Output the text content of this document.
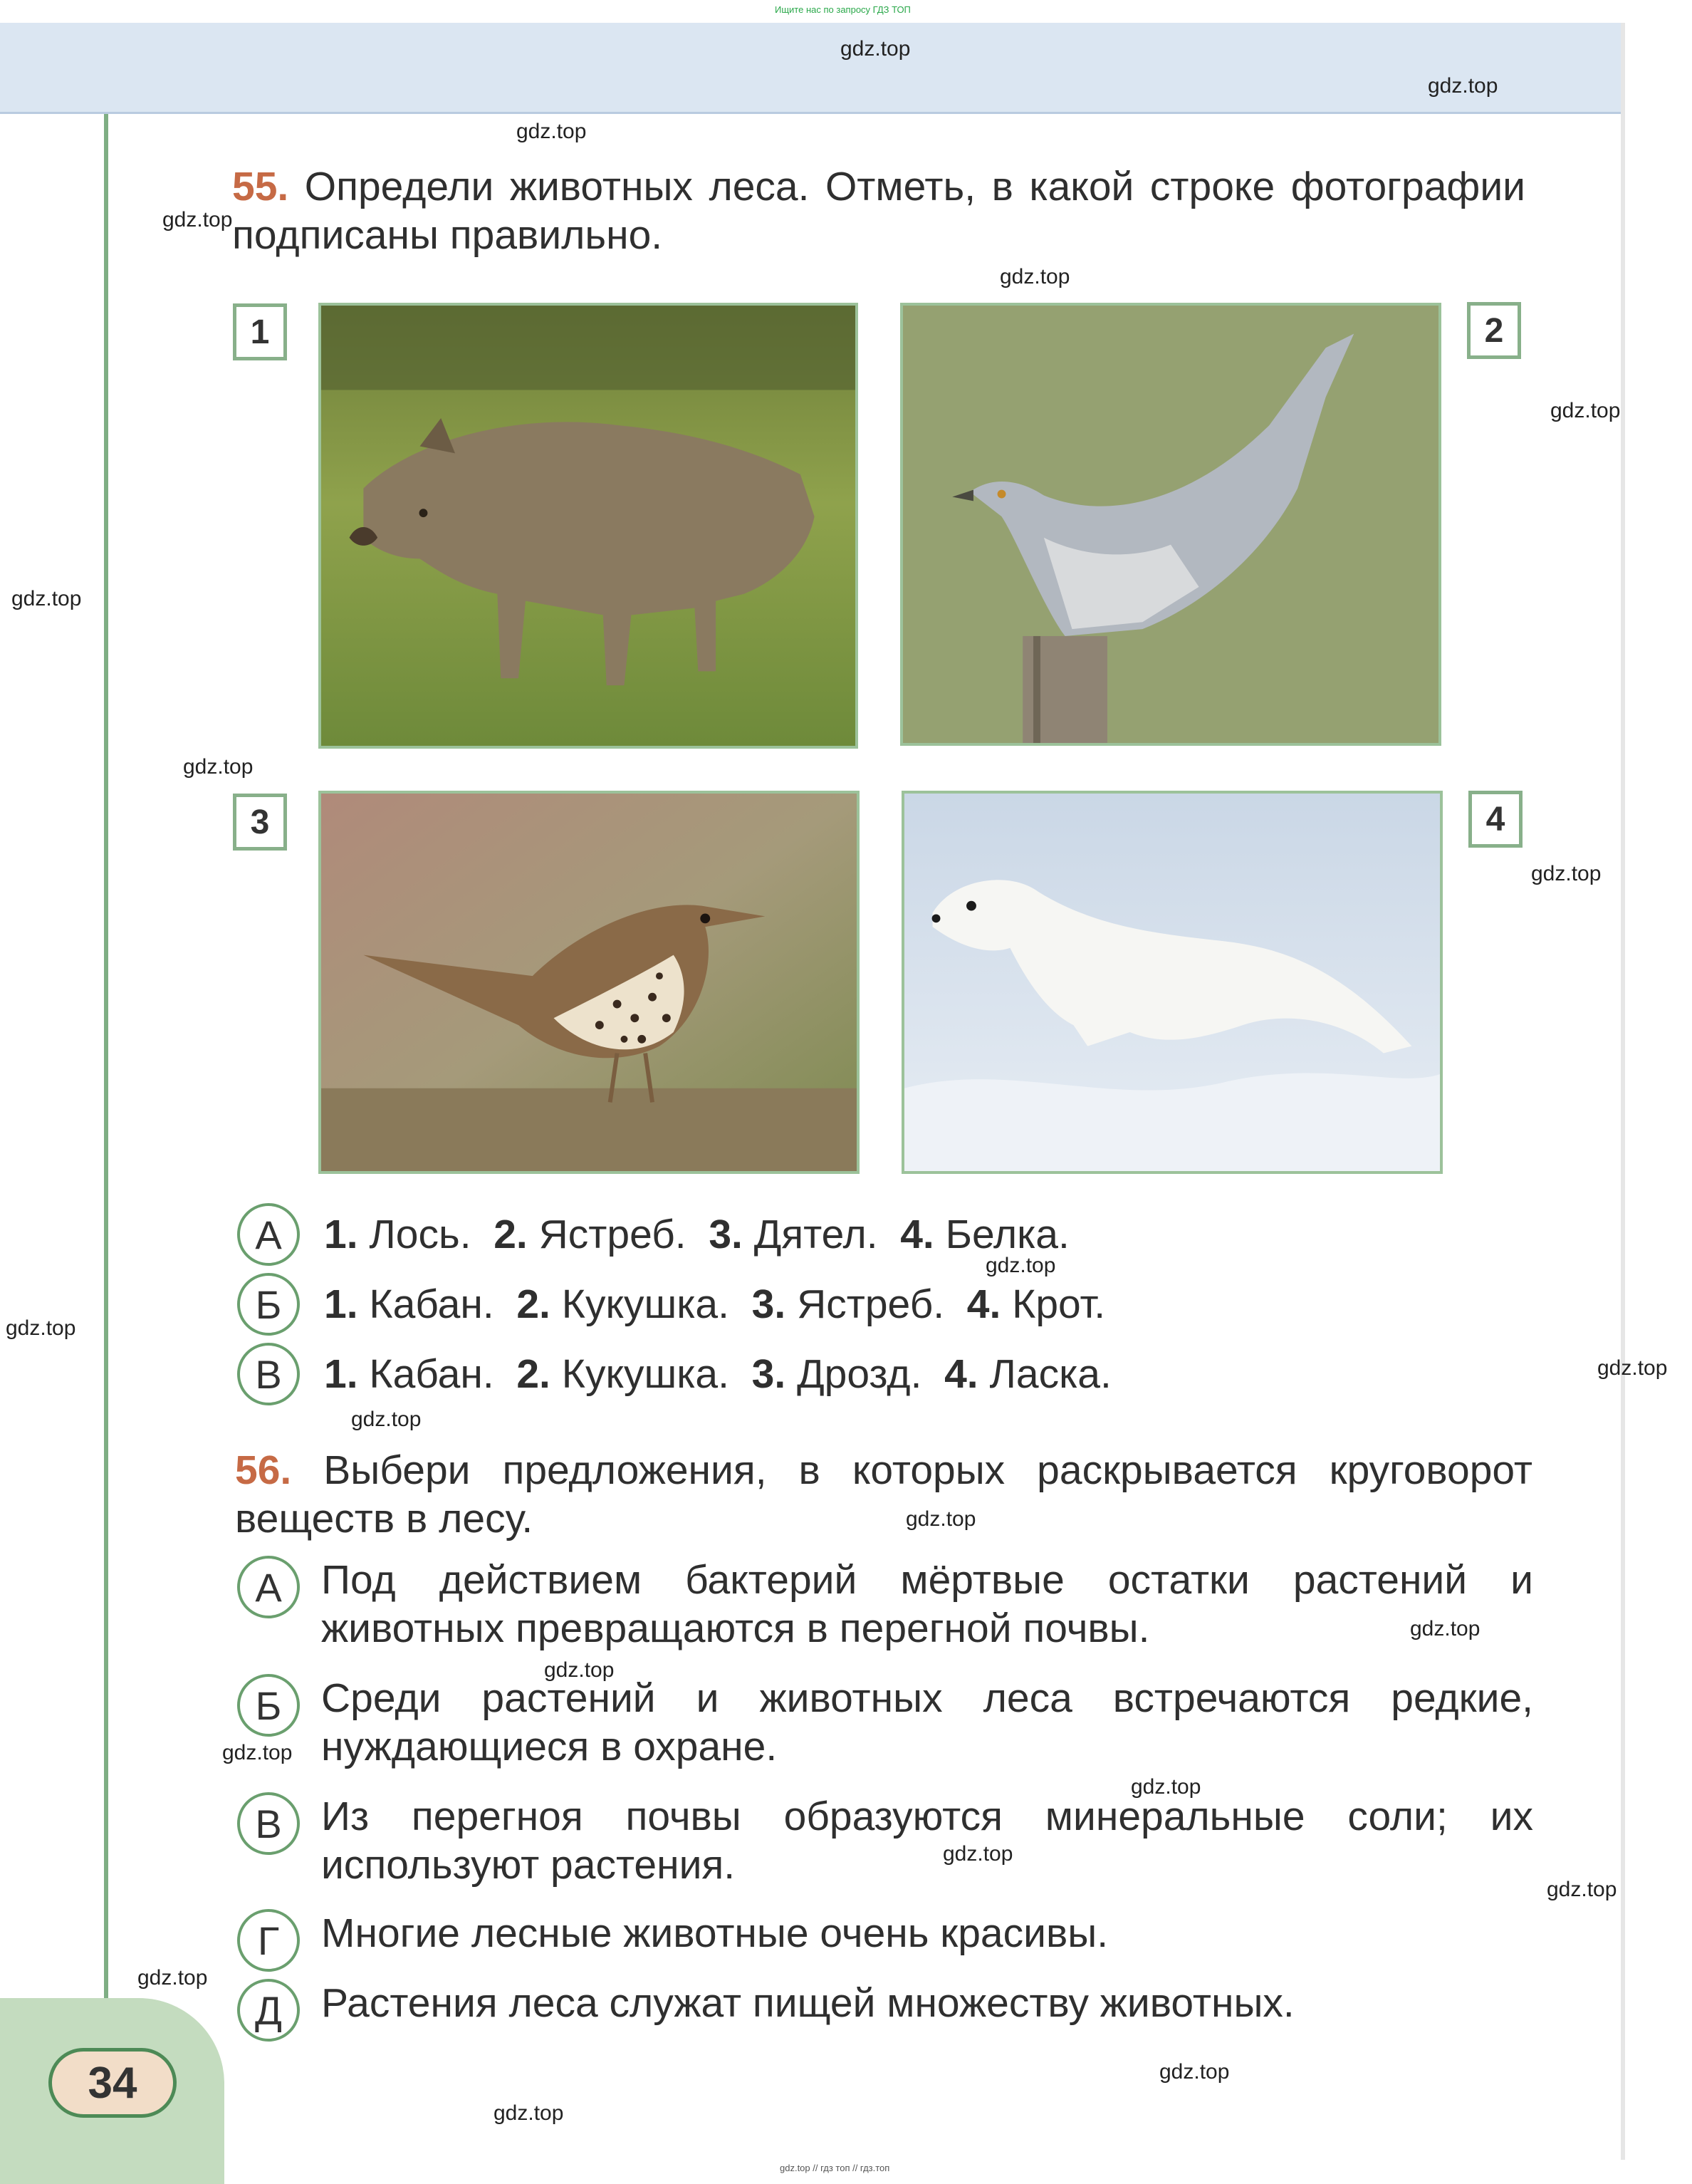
34
Ищите нас по запросу ГДЗ ТОП
gdz.top // гдз топ // гдз.топ
gdz.top
gdz.top
gdz.top
gdz.top
gdz.top
gdz.top
gdz.top
gdz.top
gdz.top
gdz.top
gdz.top
gdz.top
gdz.top
gdz.top
gdz.top
gdz.top
gdz.top
gdz.top
gdz.top
gdz.top
gdz.top
gdz.top
gdz.top
55. Определи животных леса. Отметь, в какой строке фотографии подписаны правильно.
1	2
3	4
А	1. Лось. 2. Ястреб. 3. Дятел. 4. Белка.
Б	1. Кабан. 2. Кукушка. 3. Ястреб. 4. Крот.
В	1. Кабан. 2. Кукушка. 3. Дрозд. 4. Ласка.
56. Выбери предложения, в которых раскрывается круговорот веществ в лесу.
А Под действием бактерий мёртвые остатки растений и животных превращаются в перегной почвы.
Б Среди растений и животных леса встречаются редкие, нуждающиеся в охране.
В Из перегноя почвы образуются минеральные соли; их используют растения.
Г	Многие лесные животные очень красивы.
Д Растения леса служат пищей множеству животных.
